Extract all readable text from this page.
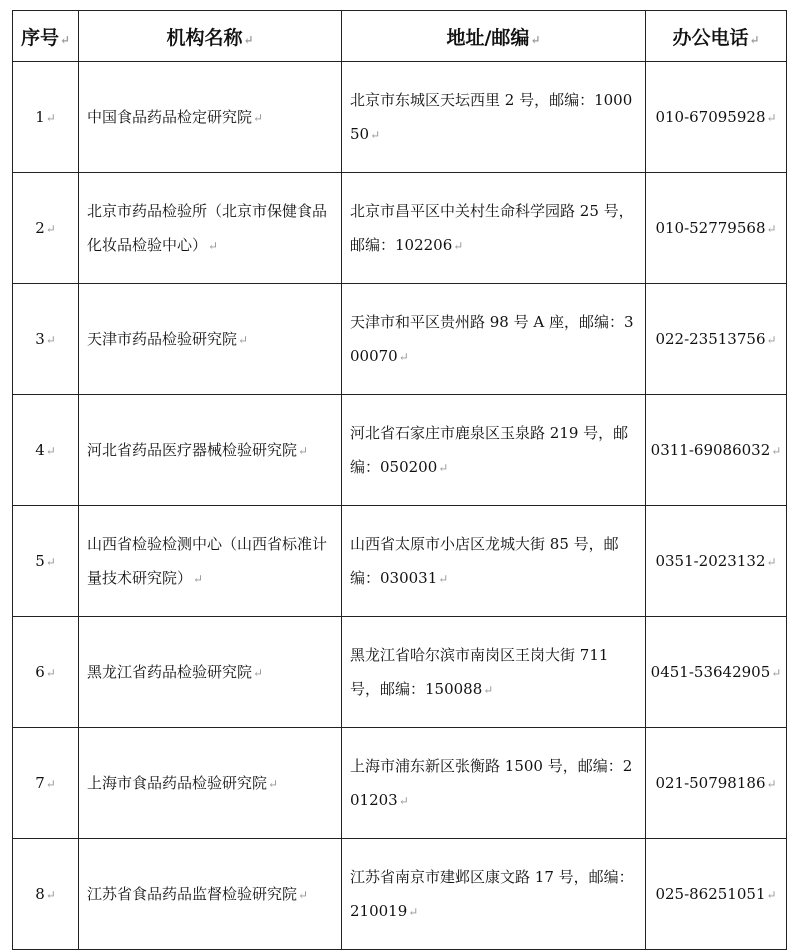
序号↵	机构名称↵	地址/邮编↵	办公电话↵
1↵	中国食品药品检定研究院↵	北京市东城区天坛西里 2 号，邮编：100050↵	010-67095928↵
2↵	北京市药品检验所（北京市保健食品化妆品检验中心）↵	北京市昌平区中关村生命科学园路 25 号，邮编：102206↵	010-52779568↵
3↵	天津市药品检验研究院↵	天津市和平区贵州路 98 号 A 座，邮编：300070↵	022-23513756↵
4↵	河北省药品医疗器械检验研究院↵	河北省石家庄市鹿泉区玉泉路 219 号，邮编：050200↵	0311-69086032↵
5↵	山西省检验检测中心（山西省标准计量技术研究院）↵	山西省太原市小店区龙城大街 85 号，邮编：030031↵	0351-2023132↵
6↵	黑龙江省药品检验研究院↵	黑龙江省哈尔滨市南岗区王岗大街 711 号，邮编：150088↵	0451-53642905↵
7↵	上海市食品药品检验研究院↵	上海市浦东新区张衡路 1500 号，邮编：201203↵	021-50798186↵
8↵	江苏省食品药品监督检验研究院↵	江苏省南京市建邺区康文路 17 号，邮编：210019↵	025-86251051↵
